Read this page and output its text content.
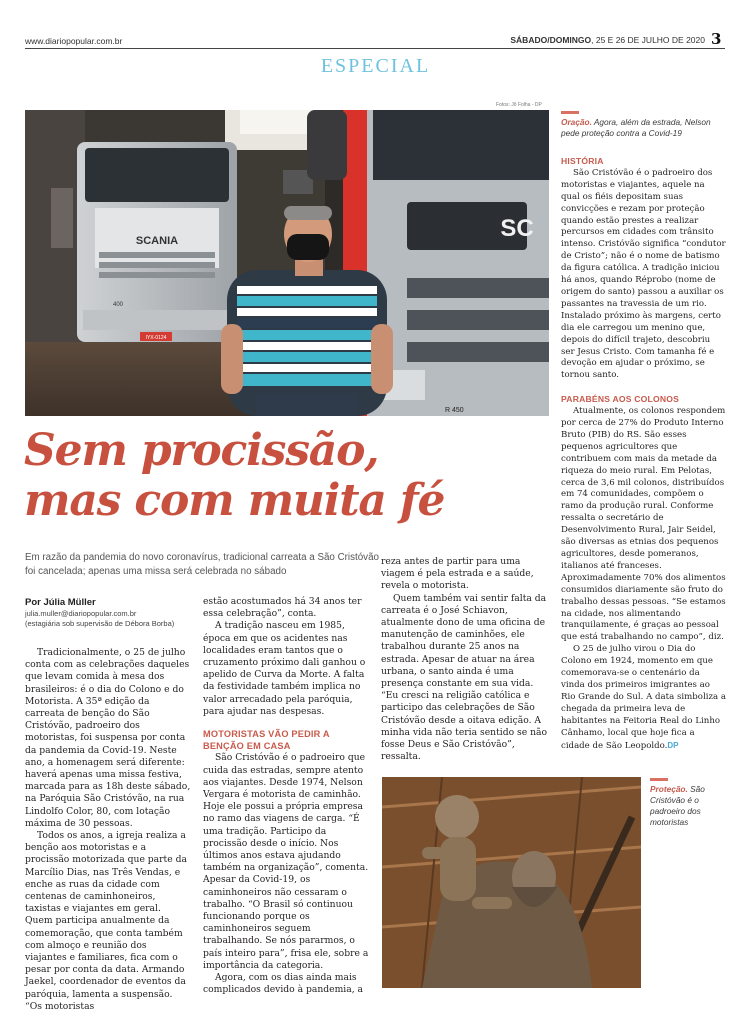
www.diariopopular.com.br	SÁBADO/DOMINGO, 25 E 26 DE JULHO DE 2020 3
ESPECIAL
Fotos: Jô Folha - DP
SCANIA
400
IYX-0124
SC
R 450
Oração. Agora, além da estrada, Nelson pede proteção contra a Covid-19
HISTÓRIA

São Cristóvão é o padroeiro dos motoristas e viajantes, aquele na qual os fiéis depositam suas convicções e rezam por proteção quando estão prestes a realizar percursos em cidades com trânsito intenso. Cristóvão significa “condutor de Cristo”; não é o nome de batismo da figura católica. A tradição iniciou há anos, quando Réprobo (nome de origem do santo) passou a auxiliar os passantes na travessia de um rio. Instalado próximo às margens, certo dia ele carregou um menino que, depois do difícil trajeto, descobriu ser Jesus Cristo. Com tamanha fé e devoção em ajudar o próximo, se tornou santo.

PARABÉNS AOS COLONOS

Atualmente, os colonos respondem por cerca de 27% do Produto Interno Bruto (PIB) do RS. São esses pequenos agricultores que contribuem com mais da metade da riqueza do meio rural. Em Pelotas, cerca de 3,6 mil colonos, distribuídos em 74 comunidades, compõem o ramo da produção rural. Conforme ressalta o secretário de Desenvolvimento Rural, Jair Seidel, são diversas as etnias dos pequenos agricultores, desde pomeranos, italianos até franceses. Aproximadamente 70% dos alimentos consumidos diariamente são fruto do trabalho dessas pessoas. “Se estamos na cidade, nos alimentando tranquilamente, é graças ao pessoal que está trabalhando no campo”, diz.

O 25 de julho virou o Dia do Colono em 1924, momento em que comemorava-se o centenário da vinda dos primeiros imigrantes ao Rio Grande do Sul. A data simboliza a chegada da primeira leva de habitantes na Feitoria Real do Linho Cânhamo, local que hoje fica a cidade de São Leopoldo.DP

Sem procissão,
mas com muita fé
Em razão da pandemia do novo coronavírus, tradicional carreata a São Cristóvão foi cancelada; apenas uma missa será celebrada no sábado
Por Júlia Müller
julia.muller@diariopopular.com.br
(estagiária sob supervisão de Débora Borba)

Tradicionalmente, o 25 de julho conta com as celebrações daqueles que levam comida à mesa dos brasileiros: é o dia do Colono e do Motorista. A 35ª edição da carreata de benção do São Cristóvão, padroeiro dos motoristas, foi suspensa por conta da pandemia da Covid-19. Neste ano, a homenagem será diferente: haverá apenas uma missa festiva, marcada para as 18h deste sábado, na Paróquia São Cristóvão, na rua Lindolfo Color, 80, com lotação máxima de 30 pessoas.

Todos os anos, a igreja realiza a benção aos motoristas e a procissão motorizada que parte da Marcílio Dias, nas Três Vendas, e enche as ruas da cidade com centenas de caminhoneiros, taxistas e viajantes em geral. Quem participa anualmente da comemoração, que conta também com almoço e reunião dos viajantes e familiares, fica com o pesar por conta da data. Armando Jaekel, coordenador de eventos da paróquia, lamenta a suspensão. “Os motoristas

estão acostumados há 34 anos ter essa celebração”, conta.

A tradição nasceu em 1985, época em que os acidentes nas localidades eram tantos que o cruzamento próximo dali ganhou o apelido de Curva da Morte. A falta da festividade também implica no valor arrecadado pela paróquia, para ajudar nas despesas.

MOTORISTAS VÃO PEDIR A BENÇÃO EM CASA

São Cristóvão é o padroeiro que cuida das estradas, sempre atento aos viajantes. Desde 1974, Nelson Vergara é motorista de caminhão. Hoje ele possui a própria empresa no ramo das viagens de carga. “É uma tradição. Participo da procissão desde o início. Nos últimos anos estava ajudando também na organização”, comenta. Apesar da Covid-19, os caminhoneiros não cessaram o trabalho. “O Brasil só continuou funcionando porque os caminhoneiros seguem trabalhando. Se nós pararmos, o país inteiro para”, frisa ele, sobre a importância da categoria.

Agora, com os dias ainda mais complicados devido à pandemia, a

reza antes de partir para uma viagem é pela estrada e a saúde, revela o motorista.

Quem também vai sentir falta da carreata é o José Schiavon, atualmente dono de uma oficina de manutenção de caminhões, ele trabalhou durante 25 anos na estrada. Apesar de atuar na área urbana, o santo ainda é uma presença constante em sua vida. “Eu cresci na religião católica e participo das celebrações de São Cristóvão desde a oitava edição. A minha vida não teria sentido se não fosse Deus e São Cristóvão”, ressalta.

Proteção. São Cristóvão é o padroeiro dos motoristas
